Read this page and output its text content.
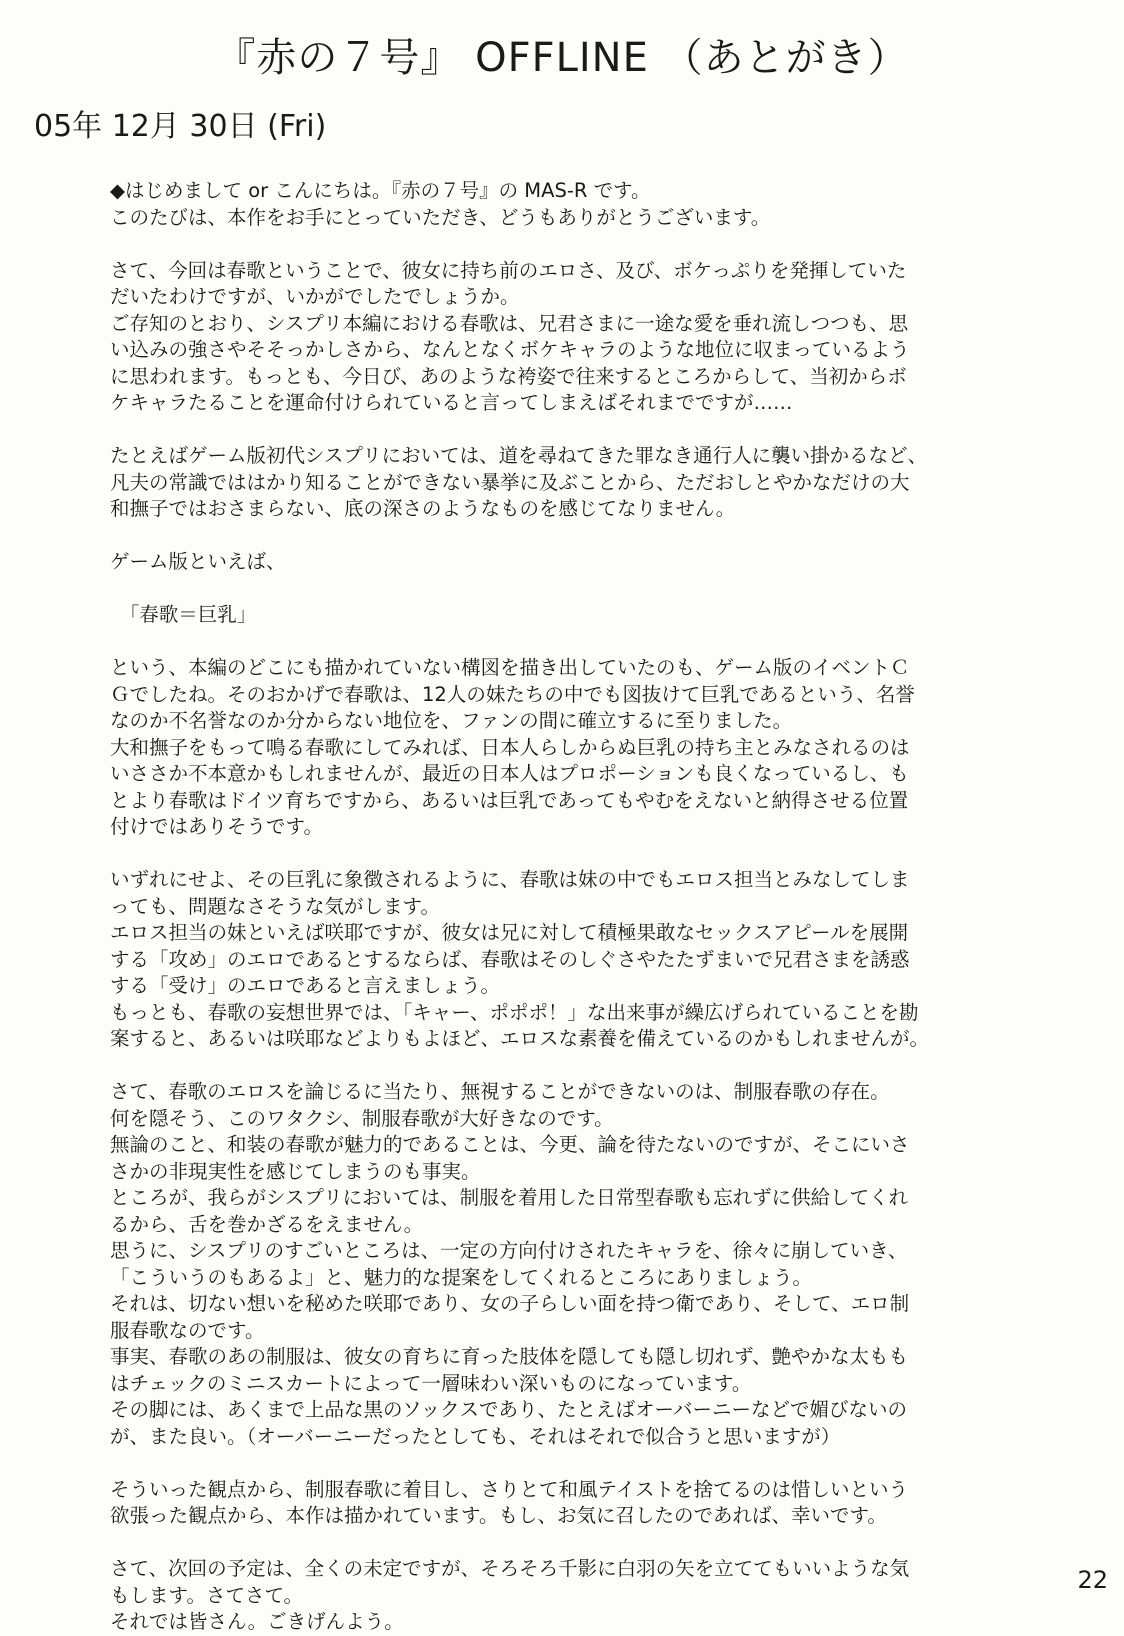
『赤の７号』 OFFLINE （あとがき）
05年 12月 30日 (Fri)
◆はじめまして or こんにちは。『赤の７号』の MAS-R です。
このたびは、本作をお手にとっていただき、どうもありがとうございます。
さて、今回は春歌ということで、彼女に持ち前のエロさ、及び、ボケっぷりを発揮していた
だいたわけですが、いかがでしたでしょうか。
ご存知のとおり、シスプリ本編における春歌は、兄君さまに一途な愛を垂れ流しつつも、思
い込みの強さやそそっかしさから、なんとなくボケキャラのような地位に収まっているよう
に思われます。もっとも、今日び、あのような袴姿で往来するところからして、当初からボ
ケキャラたることを運命付けられていると言ってしまえばそれまでですが……
たとえばゲーム版初代シスプリにおいては、道を尋ねてきた罪なき通行人に襲い掛かるなど、
凡夫の常識でははかり知ることができない暴挙に及ぶことから、ただおしとやかなだけの大
和撫子ではおさまらない、底の深さのようなものを感じてなりません。
ゲーム版といえば、
　「春歌＝巨乳」
という、本編のどこにも描かれていない構図を描き出していたのも、ゲーム版のイベントＣ
Ｇでしたね。そのおかげで春歌は、12人の妹たちの中でも図抜けて巨乳であるという、名誉
なのか不名誉なのか分からない地位を、ファンの間に確立するに至りました。
大和撫子をもって鳴る春歌にしてみれば、日本人らしからぬ巨乳の持ち主とみなされるのは
いささか不本意かもしれませんが、最近の日本人はプロポーションも良くなっているし、も
とより春歌はドイツ育ちですから、あるいは巨乳であってもやむをえないと納得させる位置
付けではありそうです。
いずれにせよ、その巨乳に象徴されるように、春歌は妹の中でもエロス担当とみなしてしま
っても、問題なさそうな気がします。
エロス担当の妹といえば咲耶ですが、彼女は兄に対して積極果敢なセックスアピールを展開
する「攻め」のエロであるとするならば、春歌はそのしぐさやたたずまいで兄君さまを誘惑
する「受け」のエロであると言えましょう。
もっとも、春歌の妄想世界では、「キャー、ポポポ！」な出来事が繰広げられていることを勘
案すると、あるいは咲耶などよりもよほど、エロスな素養を備えているのかもしれませんが。
さて、春歌のエロスを論じるに当たり、無視することができないのは、制服春歌の存在。
何を隠そう、このワタクシ、制服春歌が大好きなのです。
無論のこと、和装の春歌が魅力的であることは、今更、論を待たないのですが、そこにいさ
さかの非現実性を感じてしまうのも事実。
ところが、我らがシスプリにおいては、制服を着用した日常型春歌も忘れずに供給してくれ
るから、舌を巻かざるをえません。
思うに、シスプリのすごいところは、一定の方向付けされたキャラを、徐々に崩していき、
「こういうのもあるよ」と、魅力的な提案をしてくれるところにありましょう。
それは、切ない想いを秘めた咲耶であり、女の子らしい面を持つ衛であり、そして、エロ制
服春歌なのです。
事実、春歌のあの制服は、彼女の育ちに育った肢体を隠しても隠し切れず、艶やかな太もも
はチェックのミニスカートによって一層味わい深いものになっています。
その脚には、あくまで上品な黒のソックスであり、たとえばオーバーニーなどで媚びないの
が、また良い。（オーバーニーだったとしても、それはそれで似合うと思いますが）
そういった観点から、制服春歌に着目し、さりとて和風テイストを捨てるのは惜しいという
欲張った観点から、本作は描かれています。もし、お気に召したのであれば、幸いです。
さて、次回の予定は、全くの未定ですが、そろそろ千影に白羽の矢を立ててもいいような気
もします。さてさて。
それでは皆さん。ごきげんよう。
22
